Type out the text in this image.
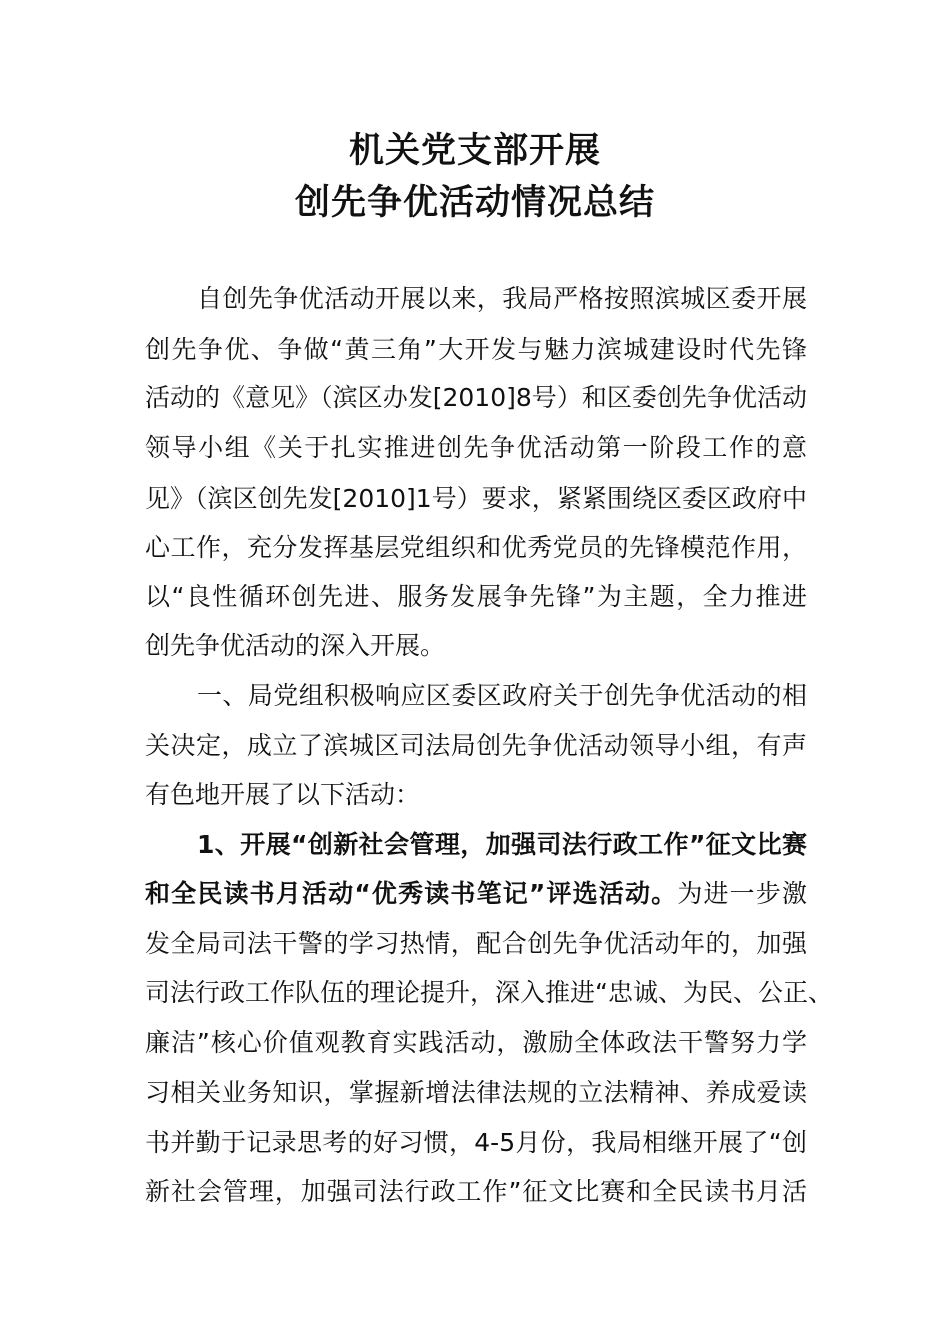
机关党支部开展
创先争优活动情况总结
自创先争优活动开展以来，我局严格按照滨城区委开展
创先争优、争做“黄三角”大开发与魅力滨城建设时代先锋
活动的《意见》（滨区办发[2010]8号）和区委创先争优活动
领导小组《关于扎实推进创先争优活动第一阶段工作的意
见》（滨区创先发[2010]1号）要求，紧紧围绕区委区政府中
心工作，充分发挥基层党组织和优秀党员的先锋模范作用，
以“良性循环创先进、服务发展争先锋”为主题，全力推进
创先争优活动的深入开展。
一、局党组积极响应区委区政府关于创先争优活动的相
关决定，成立了滨城区司法局创先争优活动领导小组，有声
有色地开展了以下活动：
1、开展“创新社会管理，加强司法行政工作”征文比赛
和全民读书月活动“优秀读书笔记”评选活动。为进一步激
发全局司法干警的学习热情，配合创先争优活动年的，加强
司法行政工作队伍的理论提升，深入推进“忠诚、为民、公正、
廉洁”核心价值观教育实践活动，激励全体政法干警努力学
习相关业务知识，掌握新增法律法规的立法精神、养成爱读
书并勤于记录思考的好习惯，4-5月份，我局相继开展了“创
新社会管理，加强司法行政工作”征文比赛和全民读书月活
